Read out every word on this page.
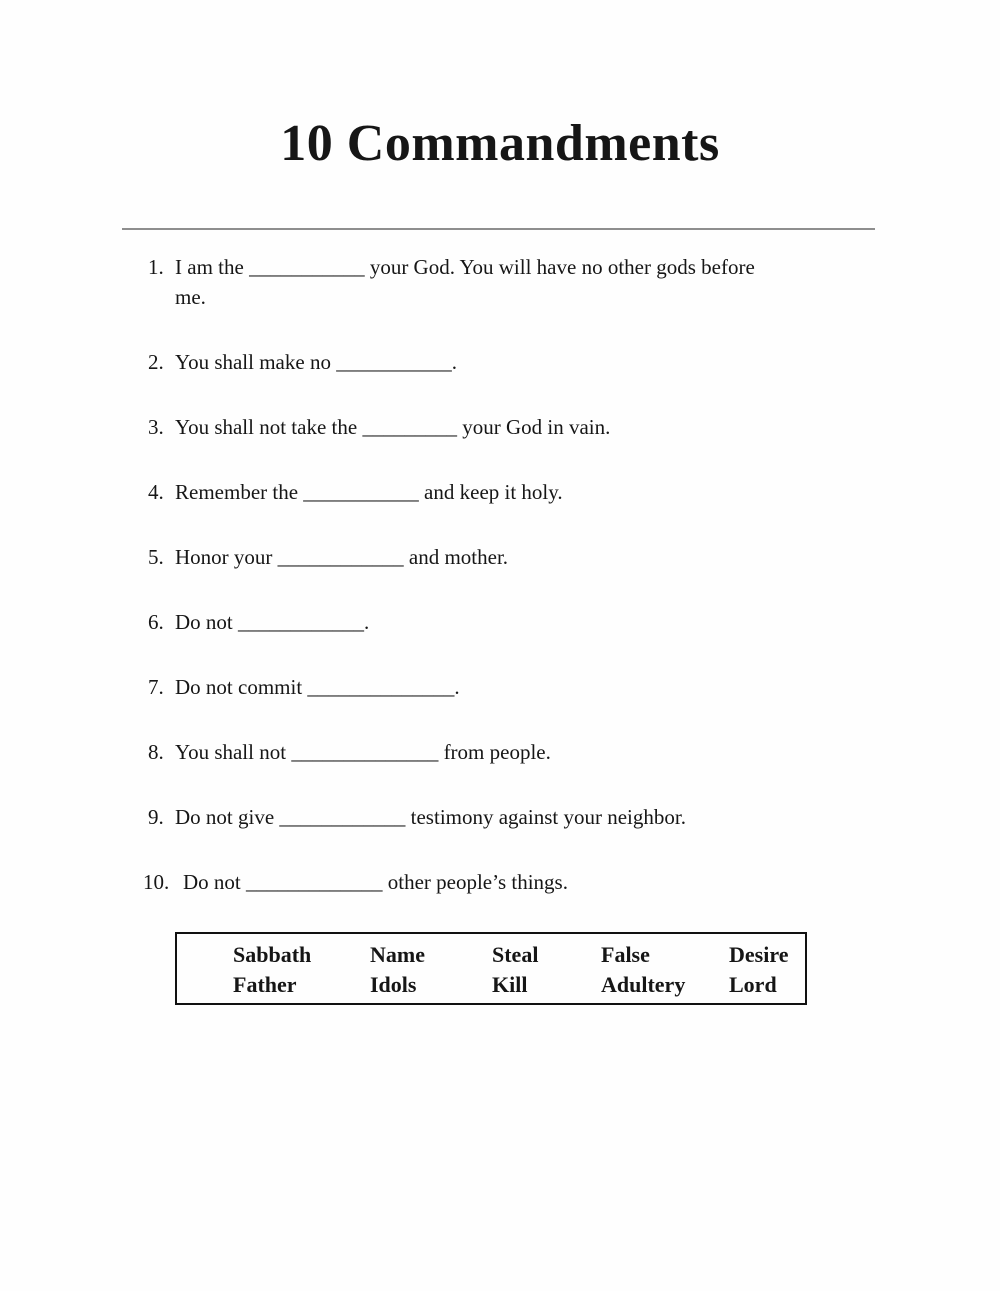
10 Commandments
1. I am the ___________ your God. You will have no other gods before
me.
2. You shall make no ___________.
3. You shall not take the _________ your God in vain.
4. Remember the ___________ and keep it holy.
5. Honor your ____________ and mother.
6. Do not ____________.
7. Do not commit ______________.
8. You shall not ______________ from people.
9. Do not give ____________ testimony against your neighbor.
10. Do not _____________ other people’s things.
Sabbath	Name	Steal	False	Desire
Father	Idols	Kill	Adultery	Lord
